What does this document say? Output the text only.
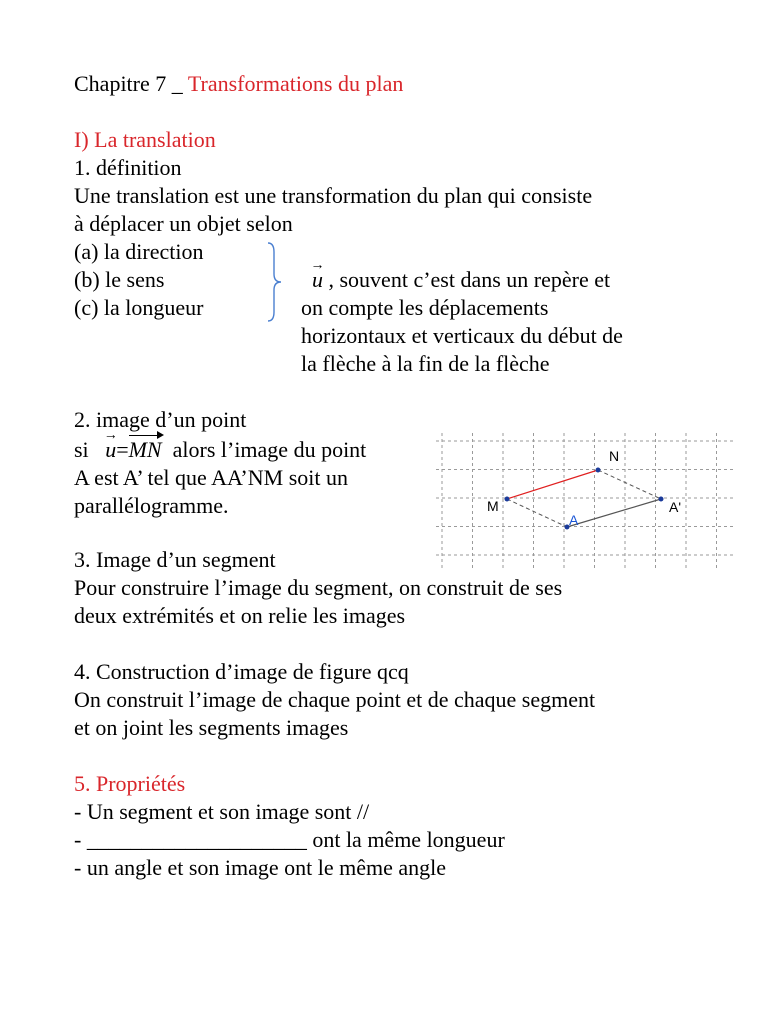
Chapitre 7 _ Transformations du plan
I) La translation
1. définition
Une translation est une transformation du plan qui consiste
à déplacer un objet selon
(a) la direction
(b) le sens
(c) la longueur
→ u , souvent c’est dans un repère et
on compte les déplacements
horizontaux et verticaux du début de
la flèche à la fin de la flèche
2. image d’un point
si   → u=MN  alors l’image du point
A est A’ tel que AA’NM soit un
parallélogramme.
N
M
A
A'
3. Image d’un segment
Pour construire l’image du segment, on construit de ses
deux extrémités et on relie les images
4. Construction d’image de figure qcq
On construit l’image de chaque point et de chaque segment
et on joint les segments images
5. Propriétés
- Un segment et son image sont //
- ____________________ ont la même longueur
- un angle et son image ont le même angle
